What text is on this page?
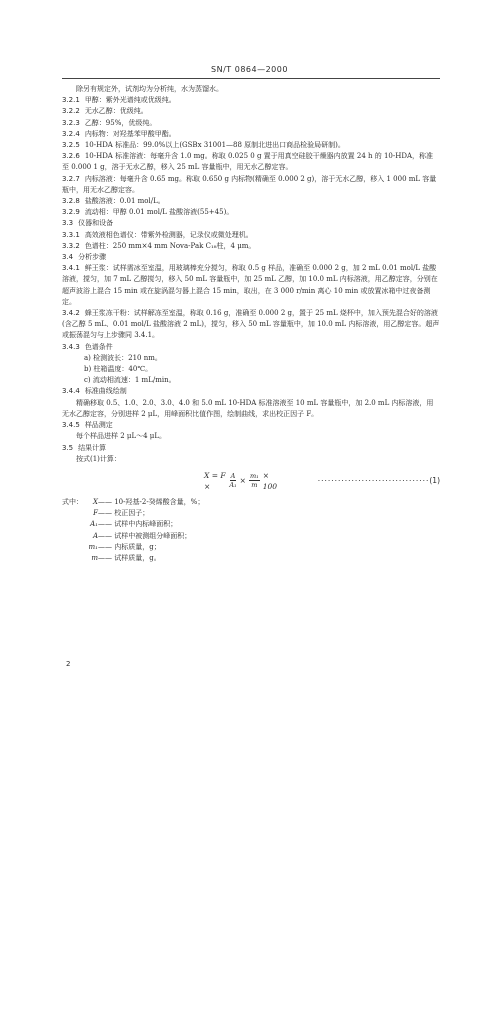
SN/T 0864—2000

除另有规定外，试剂均为分析纯，水为蒸馏水。

3.2.1 甲醇：紫外光谱纯或优级纯。

3.2.2 无水乙醇：优级纯。

3.2.3 乙醇：95%，优级纯。

3.2.4 内标物：对羟基苯甲酸甲酯。

3.2.5 10-HDA 标准品：99.0%以上(GSBx 31001—88 原制北进出口商品检验局研制)。

3.2.6 10-HDA 标准溶液：每毫升含 1.0 mg。称取 0.025 0 g 置于用真空硅胶干燥器内放置 24 h 的 10-HDA，称准至 0.000 1 g，溶于无水乙醇，移入 25 mL 容量瓶中，用无水乙醇定容。

3.2.7 内标溶液：每毫升含 0.65 mg。称取 0.650 g 内标物(精确至 0.000 2 g)，溶于无水乙醇，移入 1 000 mL 容量瓶中，用无水乙醇定容。

3.2.8 盐酸溶液：0.01 mol/L。

3.2.9 流动相：甲醇 0.01 mol/L 盐酸溶液(55+45)。

3.3 仪器和设备

3.3.1 高效液相色谱仪：带紫外检测器，记录仪或微处理机。

3.3.2 色谱柱：250 mm×4 mm Nova-Pak C₁₈柱，4 μm。

3.4 分析步骤

3.4.1 鲜王浆：试样需冰至室温，用玻璃棒充分搅匀，称取 0.5 g 样品，准确至 0.000 2 g，加 2 mL 0.01 mol/L 盐酸溶液，搅匀，加 7 mL 乙醇搅匀，移入 50 mL 容量瓶中，加 25 mL 乙醇，加 10.0 mL 内标溶液，用乙醇定容，分别在超声波浴上混合 15 min 或在旋涡混匀器上混合 15 min，取出，在 3 000 r/min 离心 10 min 或放置冰箱中过夜备测定。

3.4.2 蜂王浆冻干粉：试样解冻至室温，称取 0.16 g，准确至 0.000 2 g，置于 25 mL 烧杯中，加入预先混合好的溶液(含乙醇 5 mL、0.01 mol/L 盐酸溶液 2 mL)，搅匀，移入 50 mL 容量瓶中，加 10.0 mL 内标溶液，用乙醇定容。超声或振荡混匀与上步骤同 3.4.1。

3.4.3 色谱条件

a) 检测波长：210 nm。

b) 柱箱温度：40℃。

c) 流动相流速：1 mL/min。

3.4.4 标准曲线绘制

精确移取 0.5、1.0、2.0、3.0、4.0 和 5.0 mL 10-HDA 标准溶液至 10 mL 容量瓶中，加 2.0 mL 内标溶液，用无水乙醇定容，分别进样 2 μL，用峰面积比值作图，绘制曲线，求出校正因子 F。

3.4.5 样品测定

每个样品进样 2 μL～4 μL。

3.5 结果计算

按式(1)计算：

X = F ×	$\frac{A}{\text{A₁}} \times \frac{\text{m₁}}{m} \times 100$
································· (1)
式中：	X —— 10-羟基-2-癸烯酸含量，%；
F —— 校正因子；
A₁ —— 试样中内标峰面积；
A —— 试样中被测组分峰面积；
m₁ —— 内标质量，g；
m —— 试样质量，g。
2
